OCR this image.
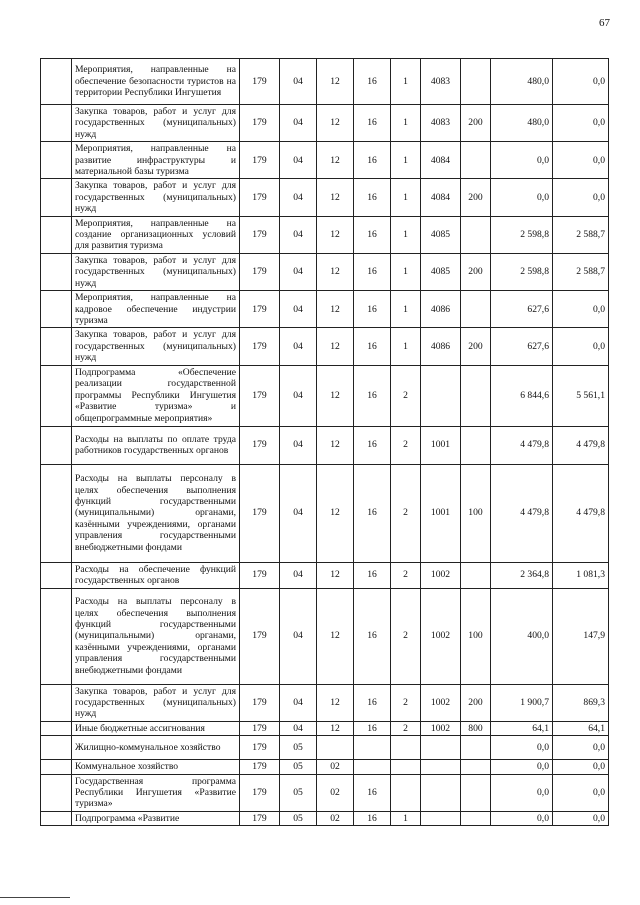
67
	Мероприятия, направленные на обеспечение безопасности туристов на территории Республики Ингушетия	179	04	12	16	1	4083		480,0	0,0
	Закупка товаров, работ и услуг для государственных (муниципальных) нужд	179	04	12	16	1	4083	200	480,0	0,0
	Мероприятия, направленные на развитие инфраструктуры и материальной базы туризма	179	04	12	16	1	4084		0,0	0,0
	Закупка товаров, работ и услуг для государственных (муниципальных) нужд	179	04	12	16	1	4084	200	0,0	0,0
	Мероприятия, направленные на создание организационных условий для развития туризма	179	04	12	16	1	4085		2 598,8	2 588,7
	Закупка товаров, работ и услуг для государственных (муниципальных) нужд	179	04	12	16	1	4085	200	2 598,8	2 588,7
	Мероприятия, направленные на кадровое обеспечение индустрии туризма	179	04	12	16	1	4086		627,6	0,0
	Закупка товаров, работ и услуг для государственных (муниципальных) нужд	179	04	12	16	1	4086	200	627,6	0,0
	Подпрограмма «Обеспечение реализации государственной программы Республики Ингушетия «Развитие туризма» и общепрограммные мероприятия»	179	04	12	16	2			6 844,6	5 561,1
	Расходы на выплаты по оплате труда работников государственных органов	179	04	12	16	2	1001		4 479,8	4 479,8
	Расходы на выплаты персоналу в целях обеспечения выполнения функций государственными (муниципальными) органами, казёнными учреждениями, органами управления государственными внебюджетными фондами	179	04	12	16	2	1001	100	4 479,8	4 479,8
	Расходы на обеспечение функций государственных органов	179	04	12	16	2	1002		2 364,8	1 081,3
	Расходы на выплаты персоналу в целях обеспечения выполнения функций государственными (муниципальными) органами, казёнными учреждениями, органами управления государственными внебюджетными фондами	179	04	12	16	2	1002	100	400,0	147,9
	Закупка товаров, работ и услуг для государственных (муниципальных) нужд	179	04	12	16	2	1002	200	1 900,7	869,3
	Иные бюджетные ассигнования	179	04	12	16	2	1002	800	64,1	64,1
	Жилищно-коммунальное хозяйство	179	05						0,0	0,0
	Коммунальное хозяйство	179	05	02					0,0	0,0
	Государственная программа Республики Ингушетия «Развитие туризма»	179	05	02	16				0,0	0,0
	Подпрограмма «Развитие	179	05	02	16	1			0,0	0,0
